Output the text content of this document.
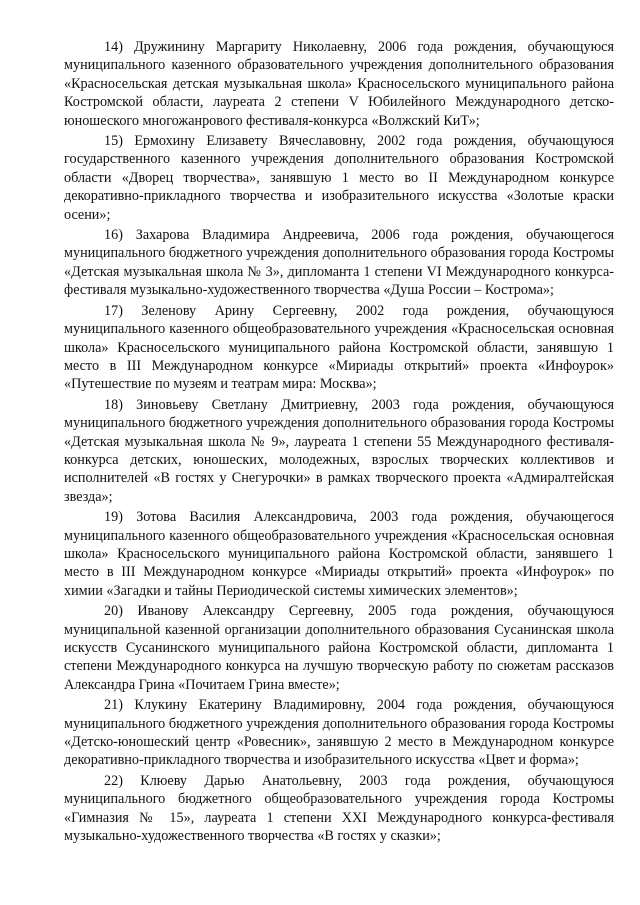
14) Дружинину Маргариту Николаевну, 2006 года рождения, обучающуюся муниципального казенного образовательного учреждения дополнительного образования «Красносельская детская музыкальная школа» Красносельского муниципального района Костромской области, лауреата 2 степени V Юбилейного Международного детско-юношеского многожанрового фестиваля-конкурса «Волжский КиТ»;

15) Ермохину Елизавету Вячеславовну, 2002 года рождения, обучающуюся государственного казенного учреждения дополнительного образования Костромской области «Дворец творчества», занявшую 1 место во II Международном конкурсе декоративно-прикладного творчества и изобразительного искусства «Золотые краски осени»;

16) Захарова Владимира Андреевича, 2006 года рождения, обучающегося муниципального бюджетного учреждения дополнительного образования города Костромы «Детская музыкальная школа № 3», дипломанта 1 степени VI Международного конкурса-фестиваля музыкально-художественного творчества «Душа России – Кострома»;

17) Зеленову Арину Сергеевну, 2002 года рождения, обучающуюся муниципального казенного общеобразовательного учреждения «Красносельская основная школа» Красносельского муниципального района Костромской области, занявшую 1 место в III Международном конкурсе «Мириады открытий» проекта «Инфоурок» «Путешествие по музеям и театрам мира: Москва»;

18) Зиновьеву Светлану Дмитриевну, 2003 года рождения, обучающуюся муниципального бюджетного учреждения дополнительного образования города Костромы «Детская музыкальная школа № 9», лауреата 1 степени 55 Международного фестиваля-конкурса детских, юношеских, молодежных, взрослых творческих коллективов и исполнителей «В гостях у Снегурочки» в рамках творческого проекта «Адмиралтейская звезда»;

19) Зотова Василия Александровича, 2003 года рождения, обучающегося муниципального казенного общеобразовательного учреждения «Красносельская основная школа» Красносельского муниципального района Костромской области, занявшего 1 место в III Международном конкурсе «Мириады открытий» проекта «Инфоурок» по химии «Загадки и тайны Периодической системы химических элементов»;

20) Иванову Александру Сергеевну, 2005 года рождения, обучающуюся муниципальной казенной организации дополнительного образования Сусанинская школа искусств Сусанинского муниципального района Костромской области, дипломанта 1 степени Международного конкурса на лучшую творческую работу по сюжетам рассказов Александра Грина «Почитаем Грина вместе»;

21) Клукину Екатерину Владимировну, 2004 года рождения, обучающуюся муниципального бюджетного учреждения дополнительного образования города Костромы «Детско-юношеский центр «Ровесник», занявшую 2 место в Международном конкурсе декоративно-прикладного творчества и изобразительного искусства «Цвет и форма»;

22) Клюеву Дарью Анатольевну, 2003 года рождения, обучающуюся муниципального бюджетного общеобразовательного учреждения города Костромы «Гимназия № 15», лауреата 1 степени XXI Международного конкурса-фестиваля музыкально-художественного творчества «В гостях у сказки»;
